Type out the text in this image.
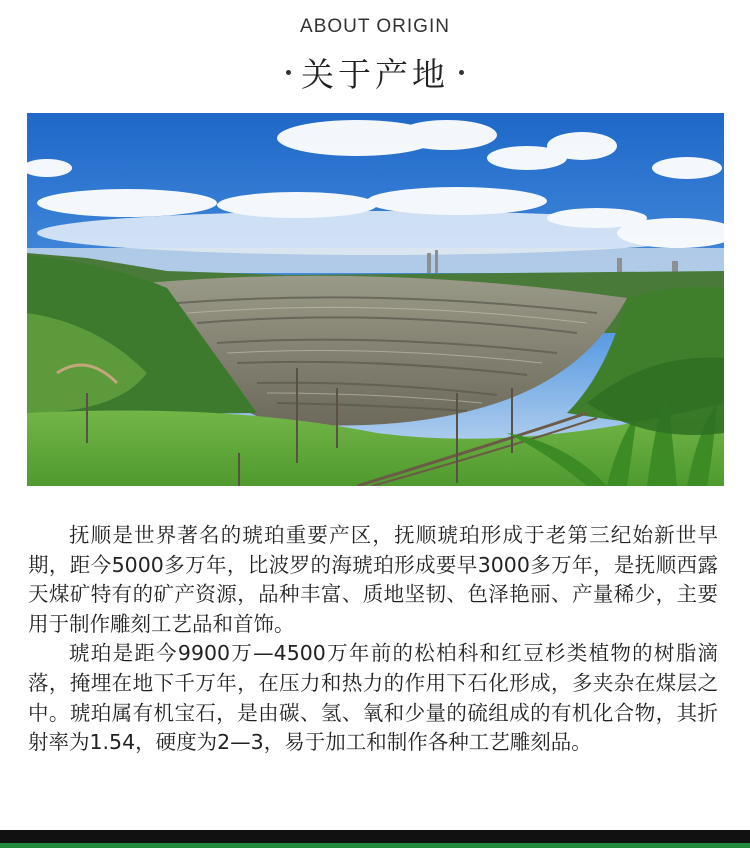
ABOUT ORIGIN
关于产地

抚顺是世界著名的琥珀重要产区，抚顺琥珀形成于老第三纪始新世早期，距今5000多万年，比波罗的海琥珀形成要早3000多万年，是抚顺西露天煤矿特有的矿产资源，品种丰富、质地坚韧、色泽艳丽、产量稀少，主要用于制作雕刻工艺品和首饰。

琥珀是距今9900万—4500万年前的松柏科和红豆杉类植物的树脂滴落，掩埋在地下千万年，在压力和热力的作用下石化形成，多夹杂在煤层之中。琥珀属有机宝石，是由碳、氢、氧和少量的硫组成的有机化合物，其折射率为1.54，硬度为2—3，易于加工和制作各种工艺雕刻品。
